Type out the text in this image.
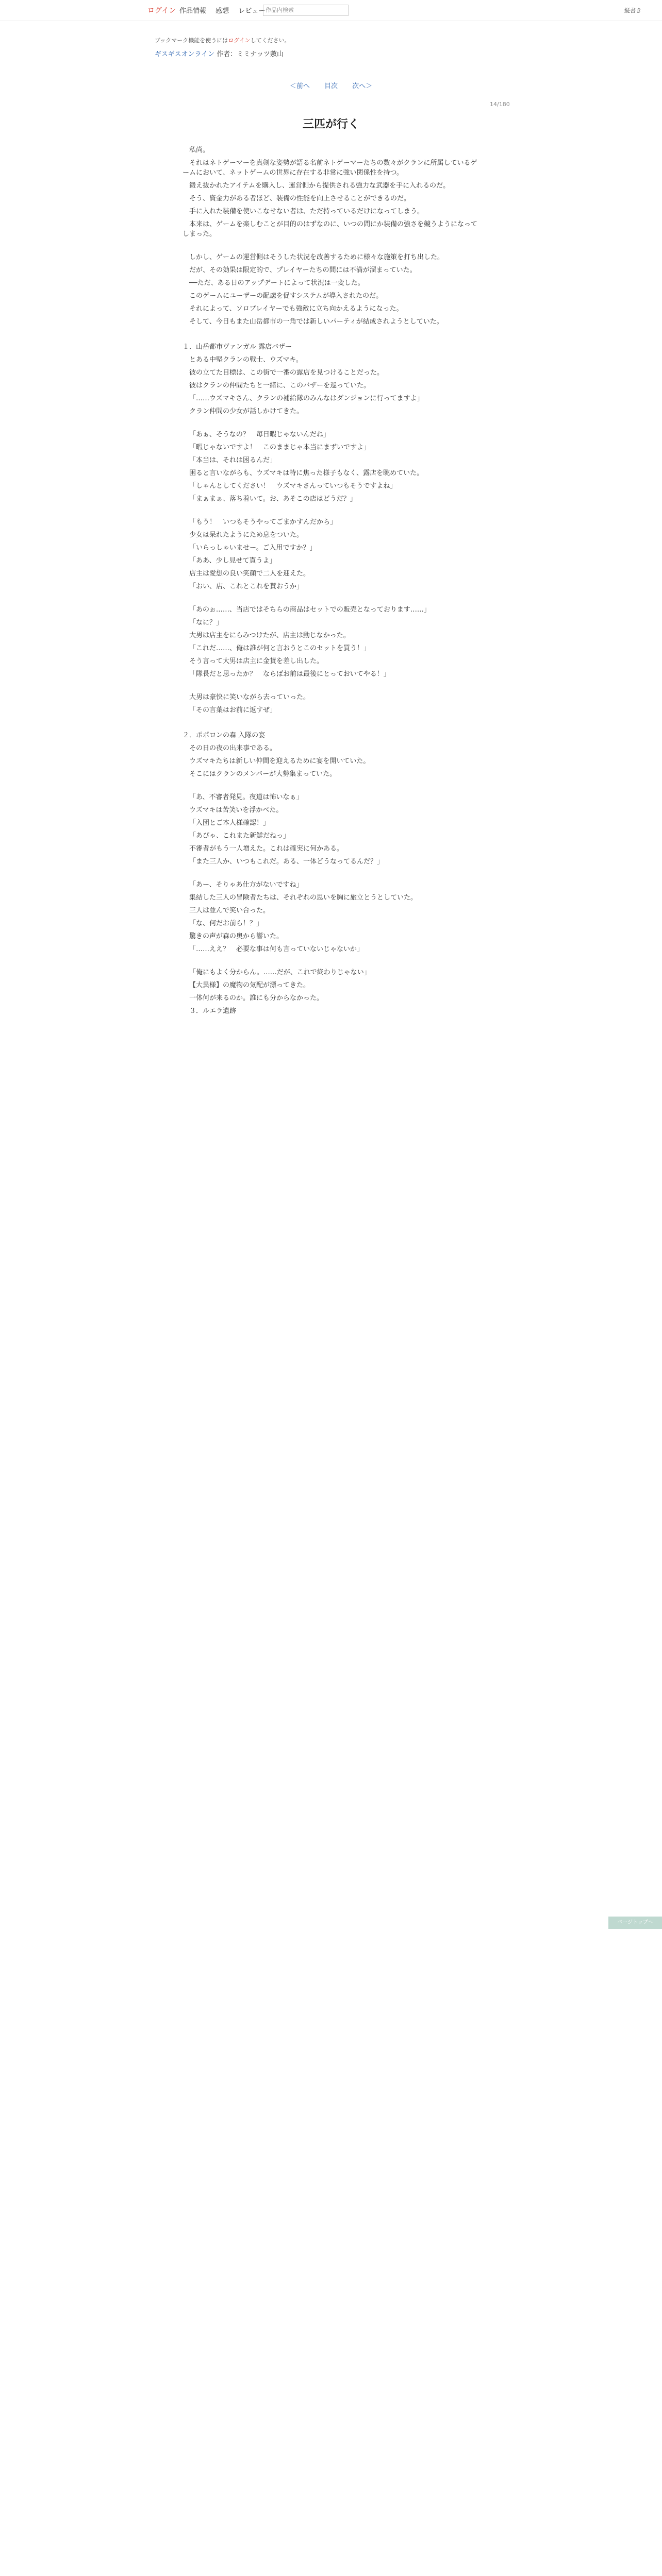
ログイン 作品情報 感想 レビュー 作品内検索	縦書き
ブックマーク機能を使うにはログインしてください。
ギスギスオンライン 作者：ミミナッツ敷山
＜前へ 目次 次へ＞
14/180
三匹が行く

私尚。

それはネトゲーマーを真剣な姿勢が語る名前ネトゲーマーたちの数々がクランに所属しているゲームにおいて、ネットゲームの世界に存在する非常に強い関係性を持つ。

鍛え抜かれたアイテムを購入し、運営側から提供される強力な武器を手に入れるのだ。

そう、資金力がある者ほど、装備の性能を向上させることができるのだ。

手に入れた装備を使いこなせない者は、ただ持っているだけになってしまう。

本来は、ゲームを楽しむことが目的のはずなのに、いつの間にか装備の強さを競うようになってしまった。

しかし、ゲームの運営側はそうした状況を改善するために様々な施策を打ち出した。

だが、その効果は限定的で、プレイヤーたちの間には不満が溜まっていた。

──ただ、ある日のアップデートによって状況は一変した。

このゲームにユーザーの配慮を促すシステムが導入されたのだ。

それによって、ソロプレイヤーでも強敵に立ち向かえるようになった。

そして、今日もまた山岳都市の一角では新しいパーティが結成されようとしていた。

１．山岳都市ヴァンガル 露店バザー

とある中堅クランの戦士、ウズマキ。

彼の立てた目標は、この街で一番の露店を見つけることだった。

彼はクランの仲間たちと一緒に、このバザーを巡っていた。

「……ウズマキさん、クランの補給隊のみんなはダンジョンに行ってますよ」

クラン仲間の少女が話しかけてきた。

「あぁ、そうなの？　毎日暇じゃないんだね」

「暇じゃないですよ！　このままじゃ本当にまずいですよ」

「本当は、それは困るんだ」

困ると言いながらも、ウズマキは特に焦った様子もなく、露店を眺めていた。

「しゃんとしてください！　ウズマキさんっていつもそうですよね」

「まぁまぁ、落ち着いて。お、あそこの店はどうだ？」

「もう！　いつもそうやってごまかすんだから」

少女は呆れたようにため息をついた。

「いらっしゃいませー。ご入用ですか？」

「ああ、少し見せて貰うよ」

店主は愛想の良い笑顔で二人を迎えた。

「おい、店、これとこれを貰おうか」

「あのぉ……、当店ではそちらの商品はセットでの販売となっております……」

「なに？」

大男は店主をにらみつけたが、店主は動じなかった。

「これだ……、俺は誰が何と言おうとこのセットを買う！」

そう言って大男は店主に金貨を差し出した。

「隊長だと思ったか？　ならばお前は最後にとっておいてやる！」

大男は豪快に笑いながら去っていった。

「その言葉はお前に返すぜ」

２．ポポロンの森 入隊の宴

その日の夜の出来事である。

ウズマキたちは新しい仲間を迎えるために宴を開いていた。

そこにはクランのメンバーが大勢集まっていた。

「あ、不審者発見。夜道は怖いなぁ」

ウズマキは苦笑いを浮かべた。

「入団とご本人様確認！」

「あぴゃ、これまた新鮮だねっ」

不審者がもう一人増えた。これは確実に何かある。

「また三人か、いつもこれだ。ある、一体どうなってるんだ？」

「あー、そりゃあ仕方がないですね」

集結した三人の冒険者たちは、それぞれの思いを胸に旅立とうとしていた。

三人は並んで笑い合った。

「な、何だお前ら！？」

驚きの声が森の奥から響いた。

「……ええ？　必要な事は何も言っていないじゃないか」

「俺にもよく分からん。……だが、これで終わりじゃない」

【大異様】の魔物の気配が漂ってきた。

一体何が来るのか。誰にも分からなかった。

３．ルエラ遺跡

ページトップへ
